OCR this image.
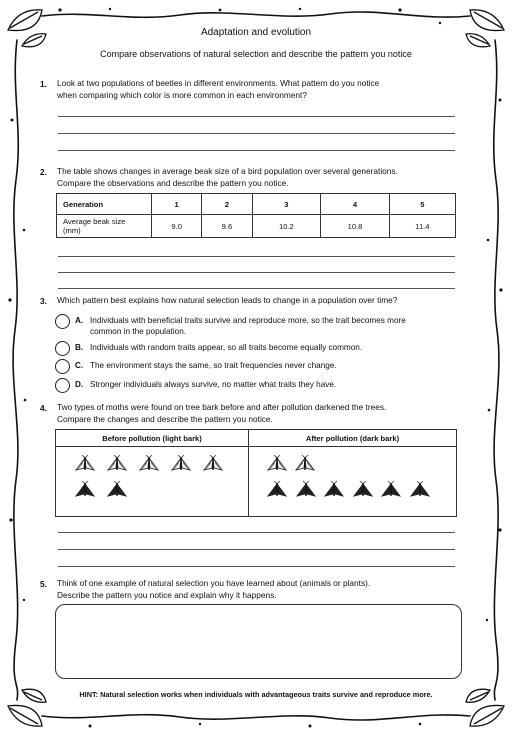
Adaptation and evolution
Compare observations of natural selection and describe the pattern you notice
1. Look at two populations of beetles in different environments. What pattern do you notice
when comparing which color is more common in each environment?
2. The table shows changes in average beak size of a bird population over several generations.
Compare the observations and describe the pattern you notice.
Generation	1	2	3	4	5

Average beak size
(mm)	9.0	9.6	10.2	10.8	11.4
3. Which pattern best explains how natural selection leads to change in a population over time?
A. Individuals with beneficial traits survive and reproduce more, so the trait becomes more
common in the population.
B. Individuals with random traits appear, so all traits become equally common.
C. The environment stays the same, so trait frequencies never change.
D. Stronger individuals always survive, no matter what traits they have.
4. Two types of moths were found on tree bark before and after pollution darkened the trees.
Compare the changes and describe the pattern you notice.
Before pollution (light bark)	After pollution (dark bark)
5. Think of one example of natural selection you have learned about (animals or plants).
Describe the pattern you notice and explain why it happens.
HINT: Natural selection works when individuals with advantageous traits survive and reproduce more.
